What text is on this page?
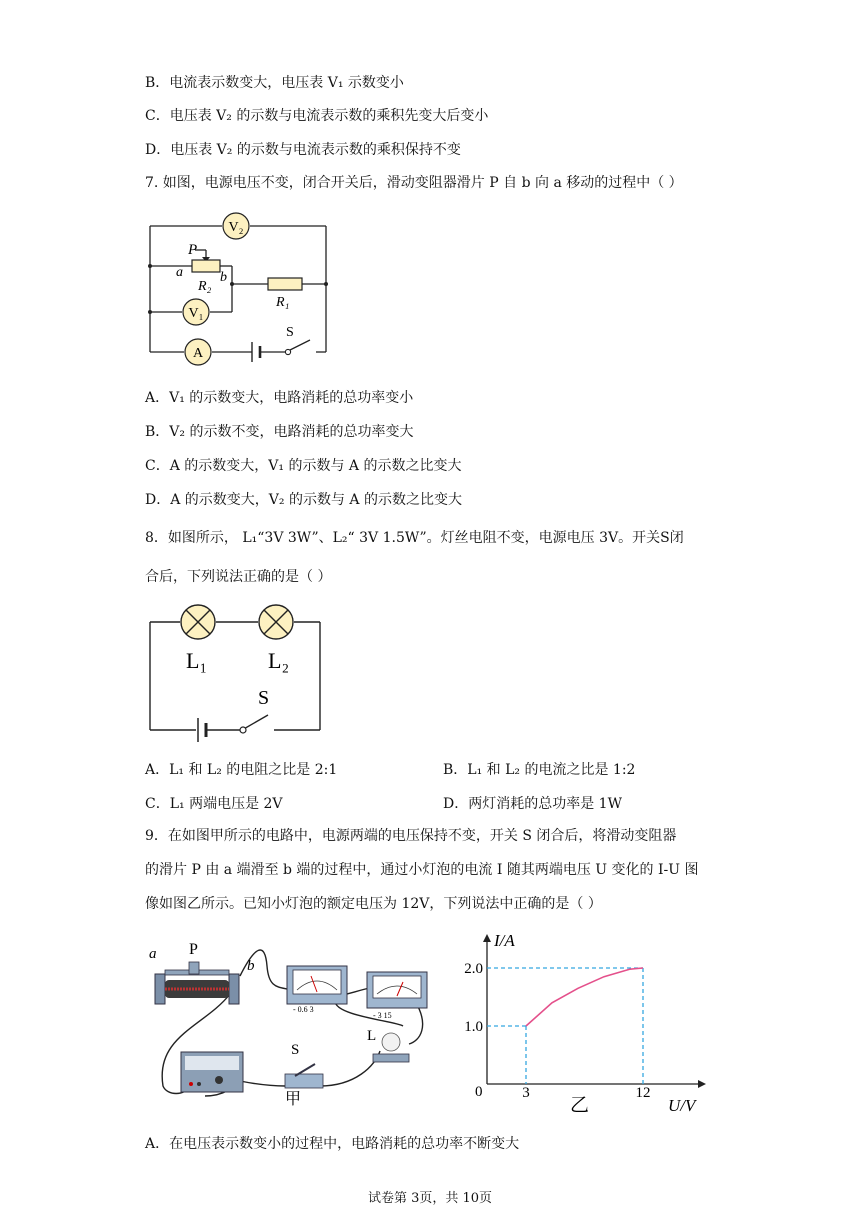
B．电流表示数变大，电压表 V₁ 示数变小
C．电压表 V₂ 的示数与电流表示数的乘积先变大后变小
D．电压表 V₂ 的示数与电流表示数的乘积保持不变
7. 如图，电源电压不变，闭合开关后，滑动变阻器滑片 P 自 b 向 a 移动的过程中（ ）
V₂
V₁
A
P
a	b
R₂
R₁
S
A．V₁ 的示数变大，电路消耗的总功率变小
B．V₂ 的示数不变，电路消耗的总功率变大
C．A 的示数变大，V₁ 的示数与 A 的示数之比变大
D．A 的示数变大，V₂ 的示数与 A 的示数之比变大
8．如图所示， L₁“3V 3W”、L₂“ 3V 1.5W”。灯丝电阻不变，电源电压 3V。开关S闭
合后，下列说法正确的是（ ）
L₁	L₂
S
A．L₁ 和 L₂ 的电阻之比是 2:1	B．L₁ 和 L₂ 的电流之比是 1:2
C．L₁ 两端电压是 2V	D．两灯消耗的总功率是 1W
9．在如图甲所示的电路中，电源两端的电压保持不变，开关 S 闭合后，将滑动变阻器
的滑片 P 由 a 端滑至 b 端的过程中，通过小灯泡的电流 I 随其两端电压 U 变化的 I-U 图
像如图乙所示。已知小灯泡的额定电压为 12V，下列说法中正确的是（ ）
- 0.6 3
- 3 15
a P
b
S
L
甲
I/A
U/V
0
乙
3	12
1.0
2.0
A．在电压表示数变小的过程中，电路消耗的总功率不断变大
试卷第 3页，共 10页
